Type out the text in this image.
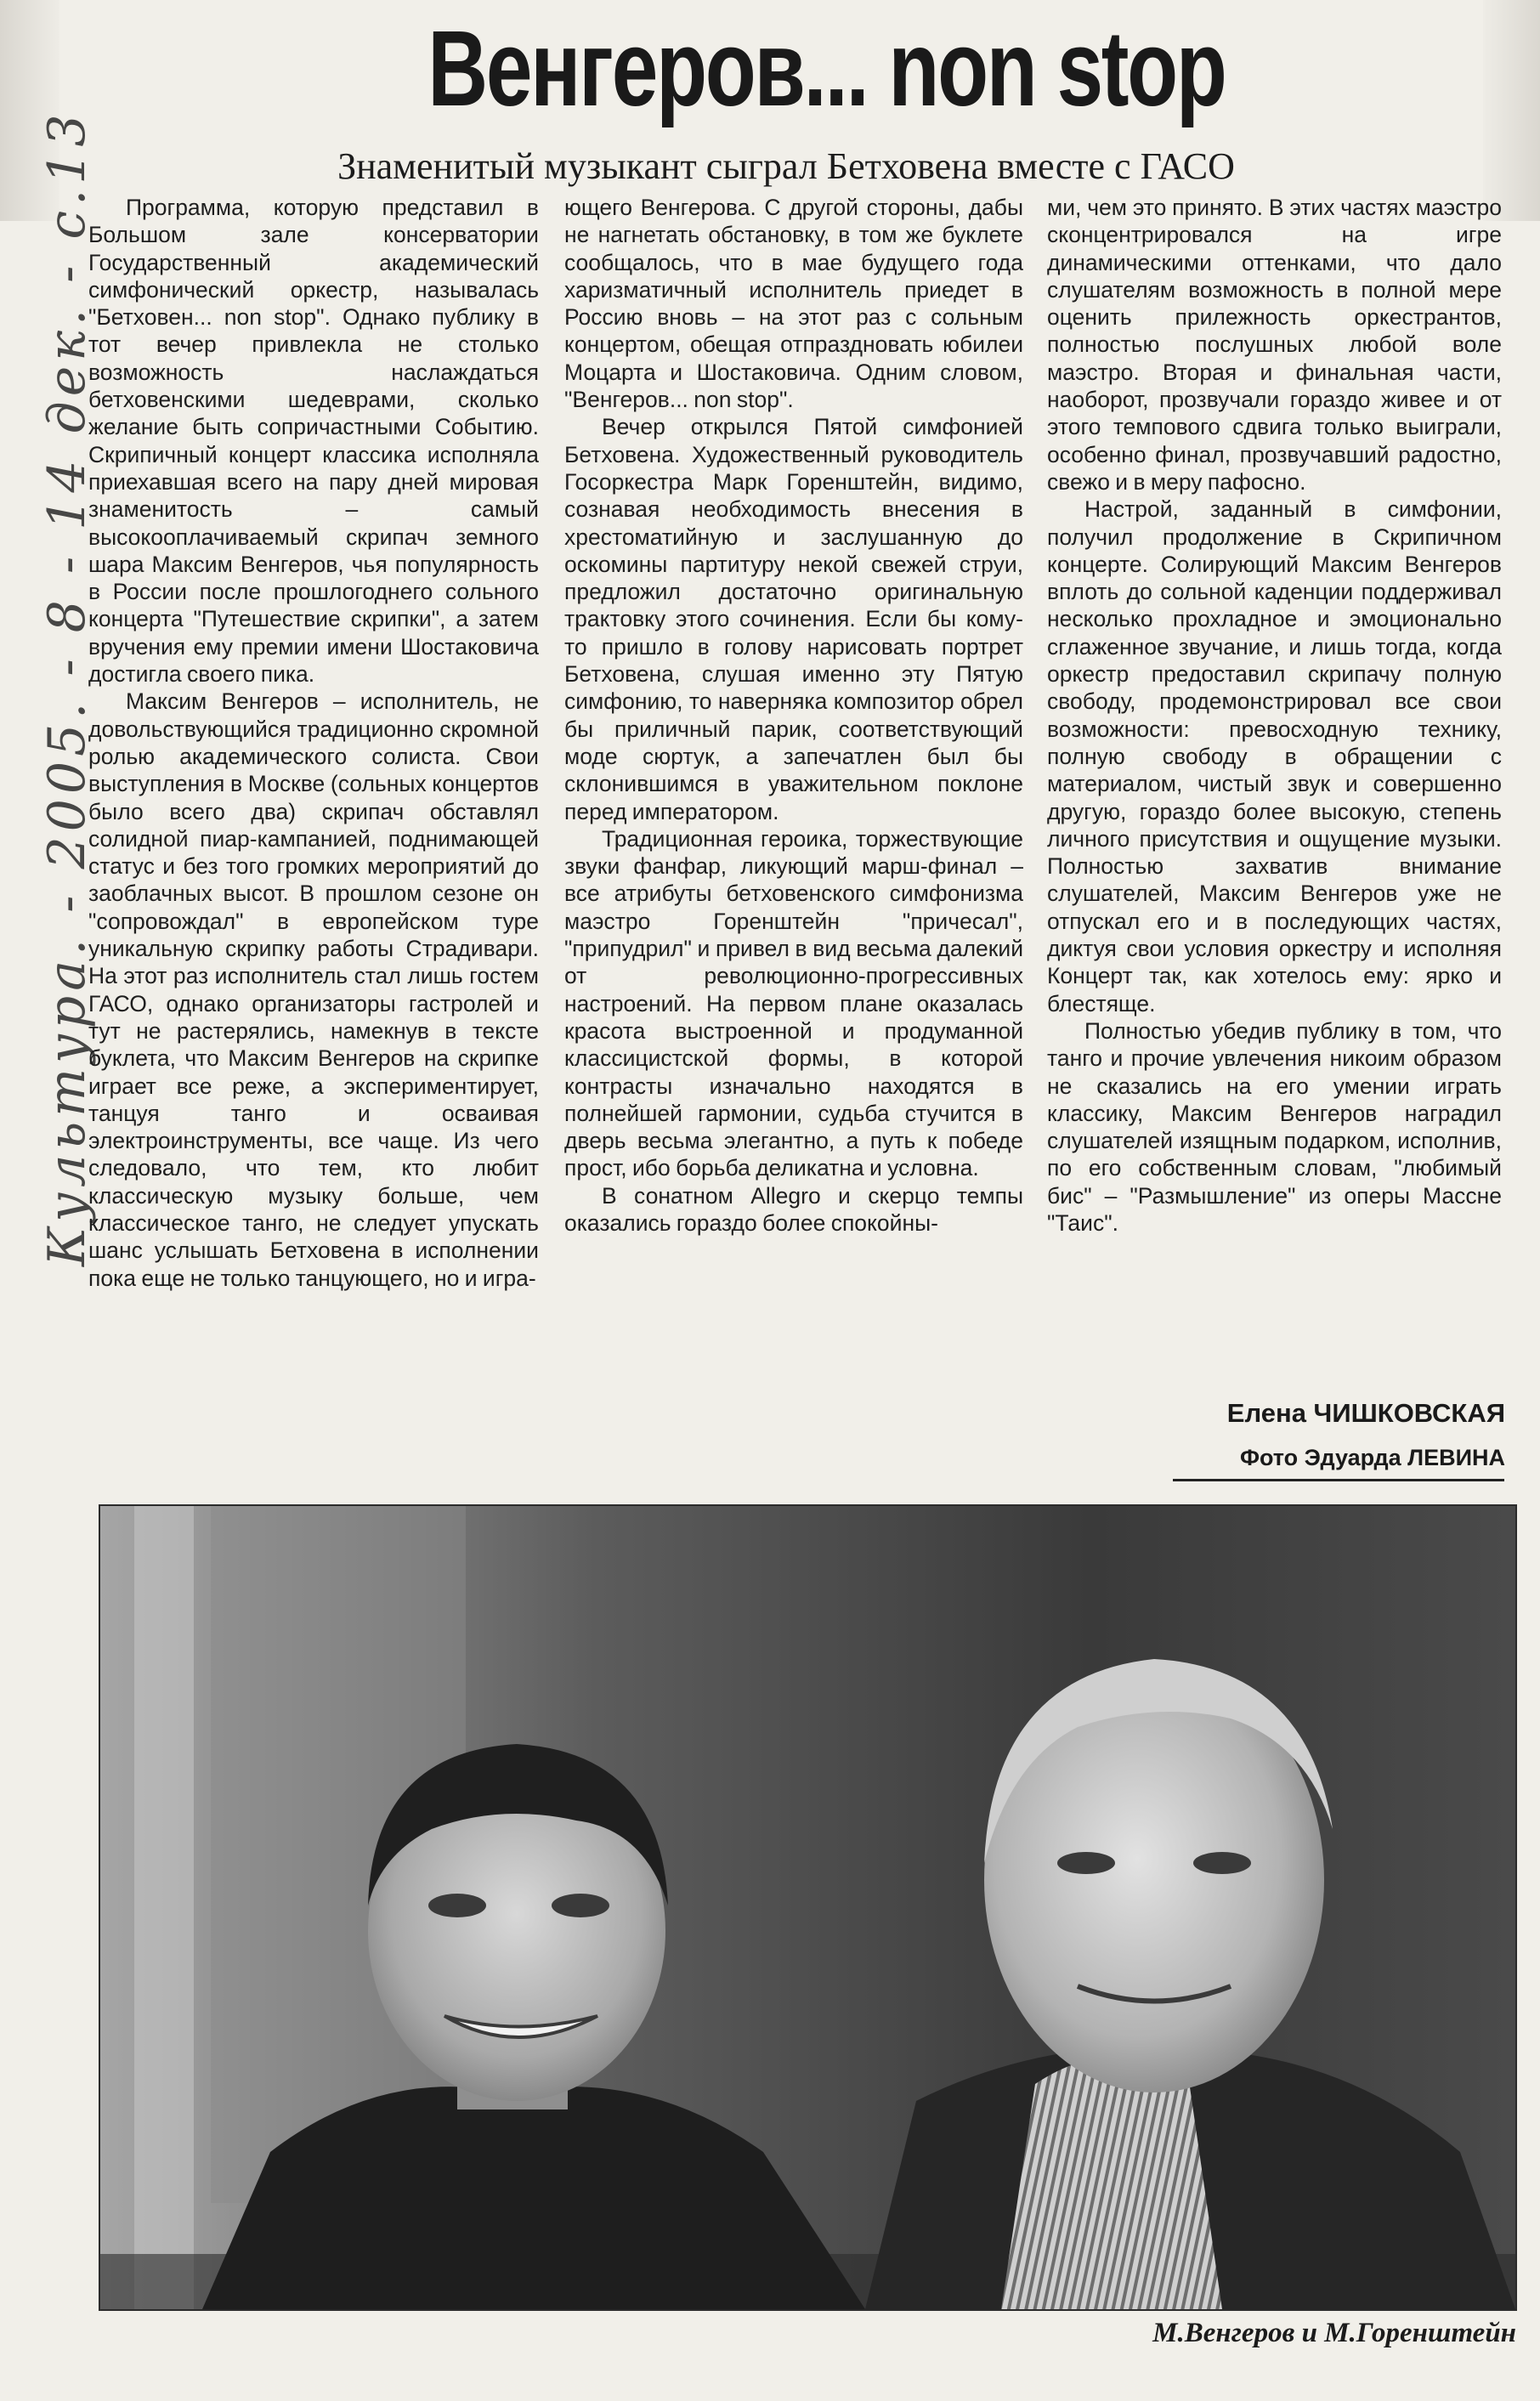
Венгеров... non stop
Знаменитый музыкант сыграл Бетховена вместе с ГАСО
Культура. - 2005. - 8 - 14 дек. - с.13	Программа, которую представил в Большом зале консерватории Государственный академический симфонический оркестр, называлась "Бетховен... non stop". Однако публику в тот вечер привлекла не столько возможность наслаждаться бетховенскими шедеврами, сколько желание быть сопричастными Событию. Скрипичный концерт классика исполняла приехавшая всего на пару дней мировая знаменитость – самый высокооплачиваемый скрипач земного шара Максим Венгеров, чья популярность в России после прошлогоднего сольного концерта "Путешествие скрипки", а затем вручения ему премии имени Шостаковича достигла своего пика.

Максим Венгеров – исполнитель, не довольствующийся традиционно скромной ролью академического солиста. Свои выступления в Москве (сольных концертов было всего два) скрипач обставлял солидной пиар-кампанией, поднимающей статус и без того громких мероприятий до заоблачных высот. В прошлом сезоне он "сопровождал" в европейском туре уникальную скрипку работы Страдивари. На этот раз исполнитель стал лишь гостем ГАСО, однако организаторы гастролей и тут не растерялись, намекнув в тексте буклета, что Максим Венгеров на скрипке играет все реже, а экспериментирует, танцуя танго и осваивая электроинструменты, все чаще. Из чего следовало, что тем, кто любит классическую музыку больше, чем классическое танго, не следует упускать шанс услышать Бетховена в исполнении пока еще не только танцующего, но и игра-

ющего Венгерова. С другой стороны, дабы не нагнетать обстановку, в том же буклете сообщалось, что в мае будущего года харизматичный исполнитель приедет в Россию вновь – на этот раз с сольным концертом, обещая отпраздновать юбилеи Моцарта и Шостаковича. Одним словом, "Венгеров... non stop".

Вечер открылся Пятой симфонией Бетховена. Художественный руководитель Госоркестра Марк Горенштейн, видимо, сознавая необходимость внесения в хрестоматийную и заслушанную до оскомины партитуру некой свежей струи, предложил достаточно оригинальную трактовку этого сочинения. Если бы кому-то пришло в голову нарисовать портрет Бетховена, слушая именно эту Пятую симфонию, то наверняка композитор обрел бы приличный парик, соответствующий моде сюртук, а запечатлен был бы склонившимся в уважительном поклоне перед императором.

Традиционная героика, торжествующие звуки фанфар, ликующий марш-финал – все атрибуты бетховенского симфонизма маэстро Горенштейн "причесал", "припудрил" и привел в вид весьма далекий от революционно-прогрессивных настроений. На первом плане оказалась красота выстроенной и продуманной классицистской формы, в которой контрасты изначально находятся в полнейшей гармонии, судьба стучится в дверь весьма элегантно, а путь к победе прост, ибо борьба деликатна и условна.

В сонатном Allegro и скерцо темпы оказались гораздо более спокойны-

ми, чем это принято. В этих частях маэстро сконцентрировался на игре динамическими оттенками, что дало слушателям возможность в полной мере оценить прилежность оркестрантов, полностью послушных любой воле маэстро. Вторая и финальная части, наоборот, прозвучали гораздо живее и от этого темпового сдвига только выиграли, особенно финал, прозвучавший радостно, свежо и в меру пафосно.

Настрой, заданный в симфонии, получил продолжение в Скрипичном концерте. Солирующий Максим Венгеров вплоть до сольной каденции поддерживал несколько прохладное и эмоционально сглаженное звучание, и лишь тогда, когда оркестр предоставил скрипачу полную свободу, продемонстрировал все свои возможности: превосходную технику, полную свободу в обращении с материалом, чистый звук и совершенно другую, гораздо более высокую, степень личного присутствия и ощущение музыки. Полностью захватив внимание слушателей, Максим Венгеров уже не отпускал его и в последующих частях, диктуя свои условия оркестру и исполняя Концерт так, как хотелось ему: ярко и блестяще.

Полностью убедив публику в том, что танго и прочие увлечения никоим образом не сказались на его умении играть классику, Максим Венгеров наградил слушателей изящным подарком, исполнив, по его собственным словам, "любимый бис" – "Размышление" из оперы Массне "Таис".

Елена ЧИШКОВСКАЯ
Фото Эдуарда ЛЕВИНА
М.Венгеров и М.Горенштейн
